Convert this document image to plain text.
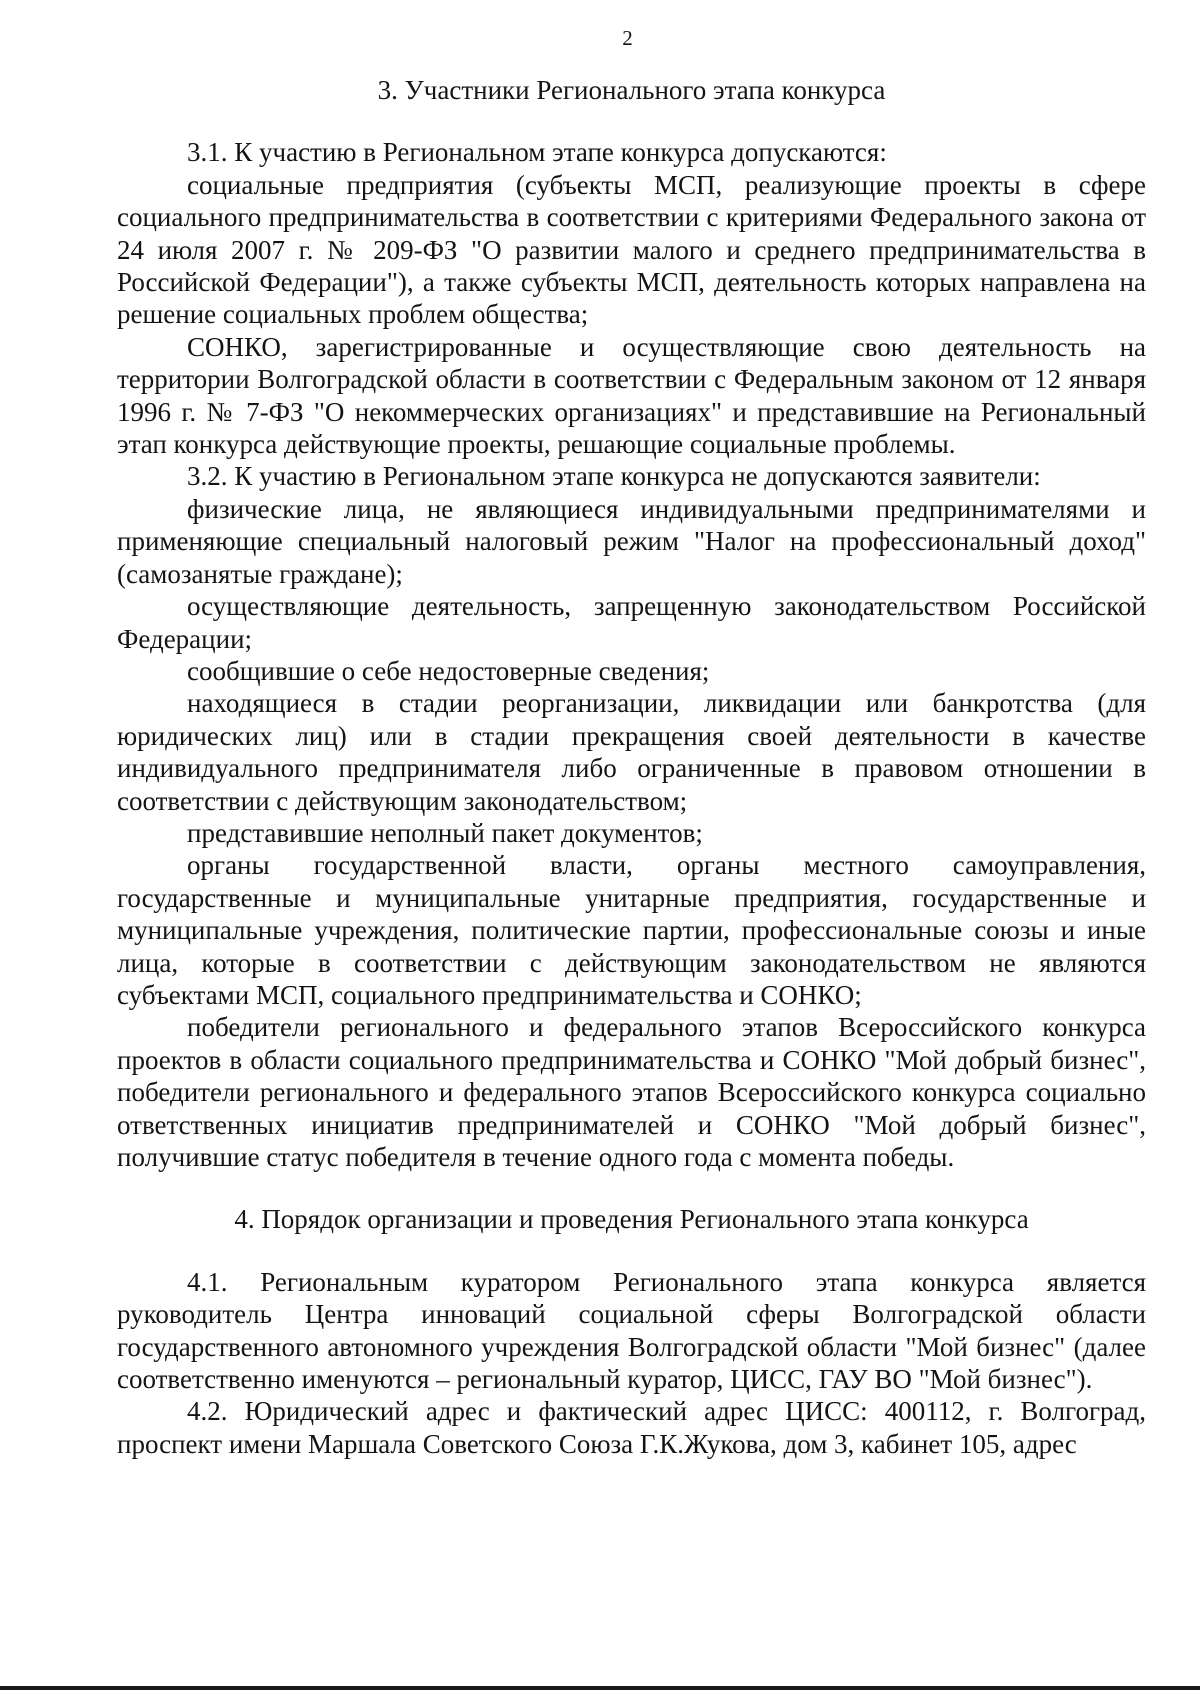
2

3. Участники Регионального этапа конкурса

3.1. К участию в Региональном этапе конкурса допускаются:

социальные предприятия (субъекты МСП, реализующие проекты в сфере социального предпринимательства в соответствии с критериями Федерального закона от 24 июля 2007 г. № 209-ФЗ "О развитии малого и среднего предпринимательства в Российской Федерации"), а также субъекты МСП, деятельность которых направлена на решение социальных проблем общества;

СОНКО, зарегистрированные и осуществляющие свою деятельность на территории Волгоградской области в соответствии с Федеральным законом от 12 января 1996 г. № 7-ФЗ "О некоммерческих организациях" и представившие на Региональный этап конкурса действующие проекты, решающие социальные проблемы.

3.2. К участию в Региональном этапе конкурса не допускаются заявители:

физические лица, не являющиеся индивидуальными предпринимателями и применяющие специальный налоговый режим "Налог на профессиональный доход" (самозанятые граждане);

осуществляющие деятельность, запрещенную законодательством Российской Федерации;

сообщившие о себе недостоверные сведения;

находящиеся в стадии реорганизации, ликвидации или банкротства (для юридических лиц) или в стадии прекращения своей деятельности в качестве индивидуального предпринимателя либо ограниченные в правовом отношении в соответствии с действующим законодательством;

представившие неполный пакет документов;

органы государственной власти, органы местного самоуправления, государственные и муниципальные унитарные предприятия, государственные и муниципальные учреждения, политические партии, профессиональные союзы и иные лица, которые в соответствии с действующим законодательством не являются субъектами МСП, социального предпринимательства и СОНКО;

победители регионального и федерального этапов Всероссийского конкурса проектов в области социального предпринимательства и СОНКО "Мой добрый бизнес", победители регионального и федерального этапов Всероссийского конкурса социально ответственных инициатив предпринимателей и СОНКО "Мой добрый бизнес", получившие статус победителя в течение одного года с момента победы.

4. Порядок организации и проведения Регионального этапа конкурса

4.1. Региональным куратором Регионального этапа конкурса является руководитель Центра инноваций социальной сферы Волгоградской области государственного автономного учреждения Волгоградской области "Мой бизнес" (далее соответственно именуются – региональный куратор, ЦИСС, ГАУ ВО "Мой бизнес").

4.2. Юридический адрес и фактический адрес ЦИСС: 400112, г. Волгоград, проспект имени Маршала Советского Союза Г.К.Жукова, дом 3, кабинет 105, адрес
